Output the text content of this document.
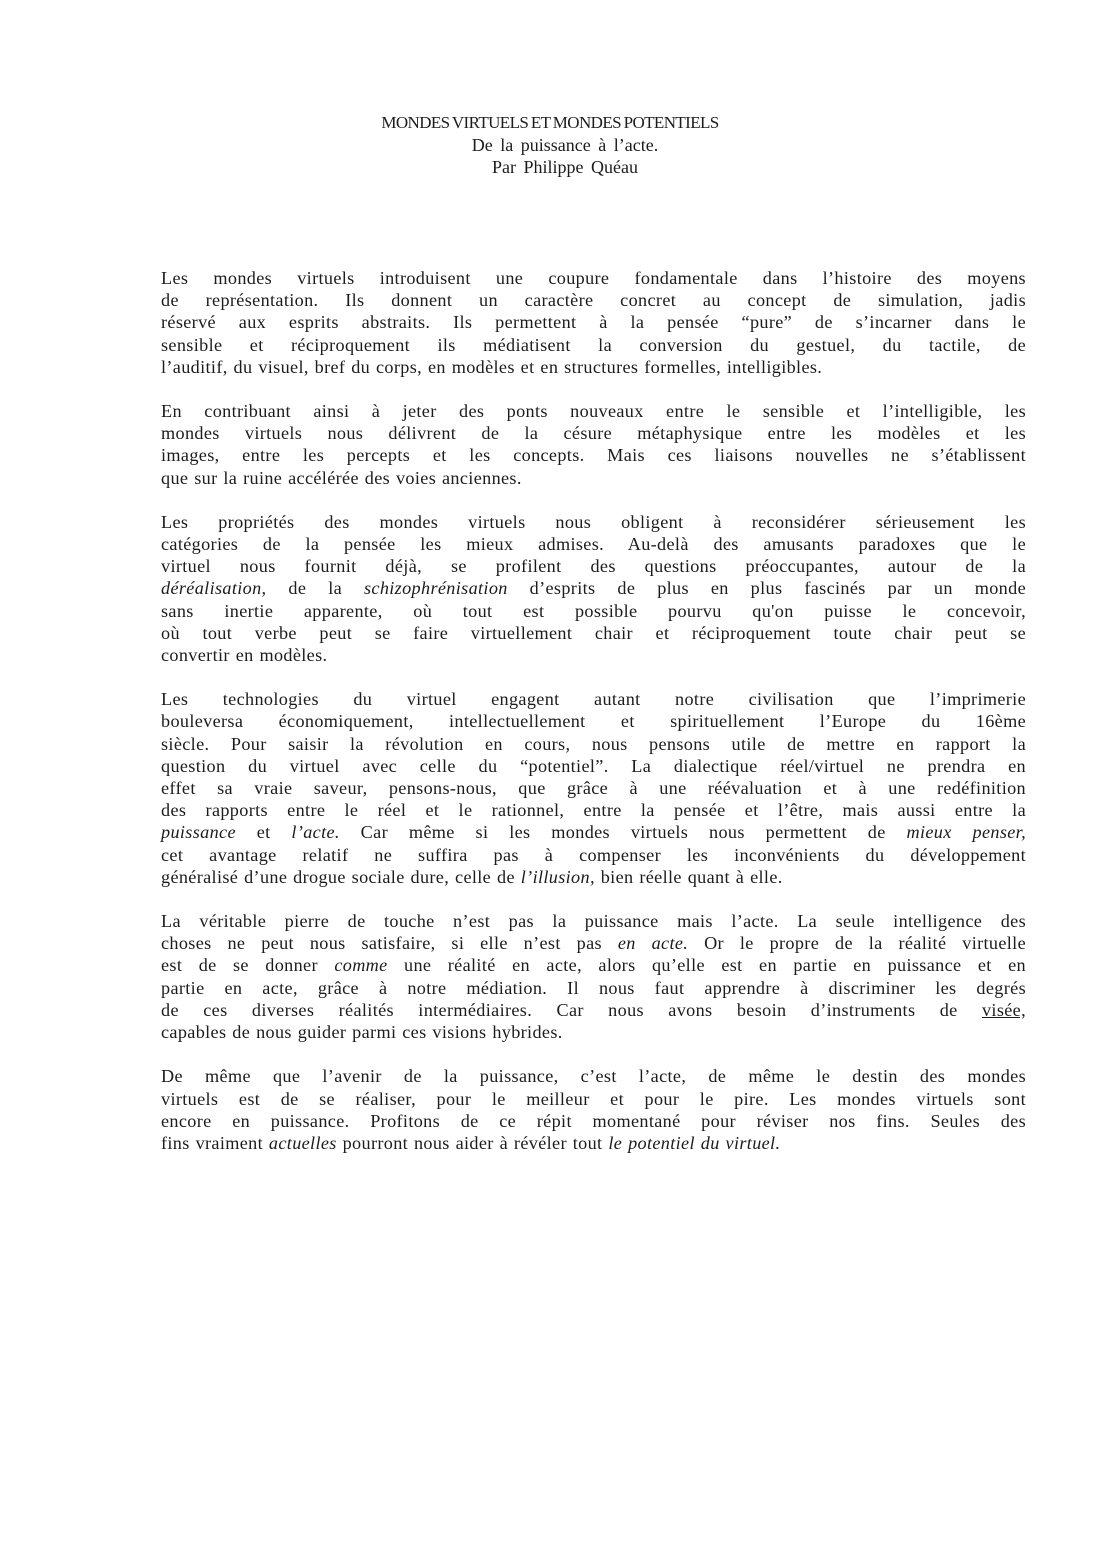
MONDES VIRTUELS ET MONDES POTENTIELS
De la puissance à l’acte.
Par Philippe Quéau
Les mondes virtuels introduisent une coupure fondamentale dans l’histoire des moyens
de représentation. Ils donnent un caractère concret au concept de simulation, jadis
réservé aux esprits abstraits. Ils permettent à la pensée “pure” de s’incarner dans le
sensible et réciproquement ils médiatisent la conversion du gestuel, du tactile, de
l’auditif, du visuel, bref du corps, en modèles et en structures formelles, intelligibles.
En contribuant ainsi à jeter des ponts nouveaux entre le sensible et l’intelligible, les
mondes virtuels nous délivrent de la césure métaphysique entre les modèles et les
images, entre les percepts et les concepts. Mais ces liaisons nouvelles ne s’établissent
que sur la ruine accélérée des voies anciennes.
Les propriétés des mondes virtuels nous obligent à reconsidérer sérieusement les
catégories de la pensée les mieux admises. Au-delà des amusants paradoxes que le
virtuel nous fournit déjà, se profilent des questions préoccupantes, autour de la
déréalisation, de la schizophrénisation d’esprits de plus en plus fascinés par un monde
sans inertie apparente, où tout est possible pourvu qu'on puisse le concevoir,
où tout verbe peut se faire virtuellement chair et réciproquement toute chair peut se
convertir en modèles.
Les technologies du virtuel engagent autant notre civilisation que l’imprimerie
bouleversa économiquement, intellectuellement et spirituellement l’Europe du 16ème
siècle. Pour saisir la révolution en cours, nous pensons utile de mettre en rapport la
question du virtuel avec celle du “potentiel”. La dialectique réel/virtuel ne prendra en
effet sa vraie saveur, pensons-nous, que grâce à une réévaluation et à une redéfinition
des rapports entre le réel et le rationnel, entre la pensée et l’être, mais aussi entre la
puissance et l’acte. Car même si les mondes virtuels nous permettent de mieux penser,
cet avantage relatif ne suffira pas à compenser les inconvénients du développement
généralisé d’une drogue sociale dure, celle de l’illusion, bien réelle quant à elle.
La véritable pierre de touche n’est pas la puissance mais l’acte. La seule intelligence des
choses ne peut nous satisfaire, si elle n’est pas en acte. Or le propre de la réalité virtuelle
est de se donner comme une réalité en acte, alors qu’elle est en partie en puissance et en
partie en acte, grâce à notre médiation. Il nous faut apprendre à discriminer les degrés
de ces diverses réalités intermédiaires. Car nous avons besoin d’instruments de visée,
capables de nous guider parmi ces visions hybrides.
De même que l’avenir de la puissance, c’est l’acte, de même le destin des mondes
virtuels est de se réaliser, pour le meilleur et pour le pire. Les mondes virtuels sont
encore en puissance. Profitons de ce répit momentané pour réviser nos fins. Seules des
fins vraiment actuelles pourront nous aider à révéler tout le potentiel du virtuel.
